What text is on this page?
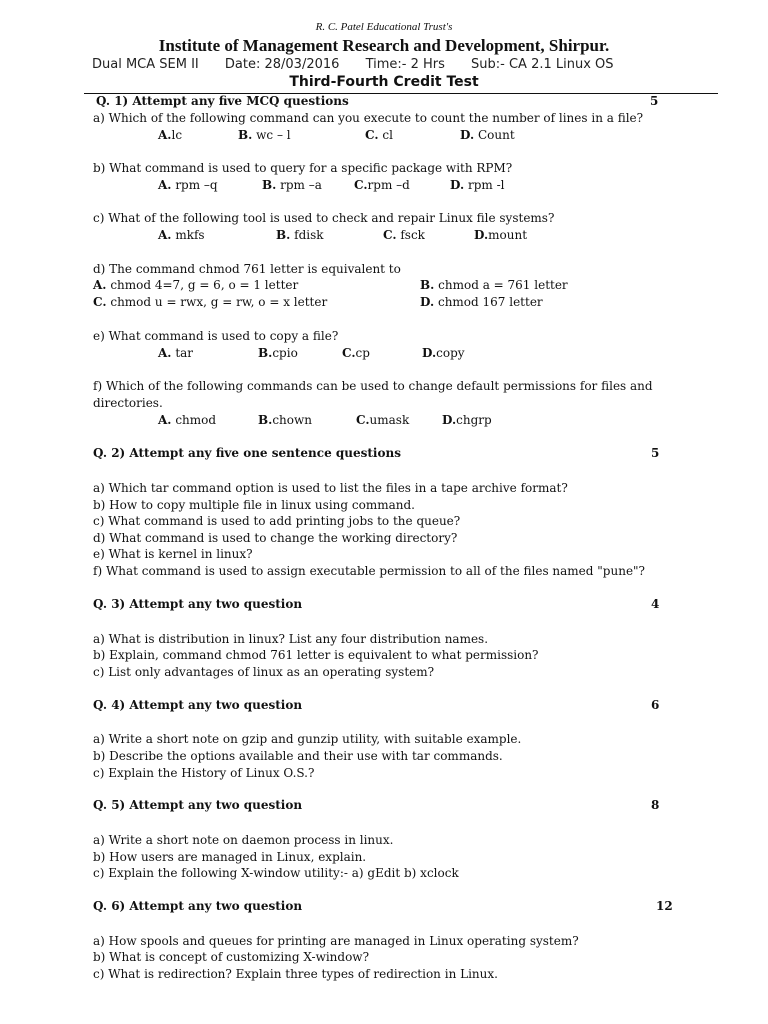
R. C. Patel Educational Trust's
Institute of Management Research and Development, Shirpur.
Dual MCA SEM II Date: 28/03/2016 Time:- 2 Hrs Sub:- CA 2.1 Linux OS
Third-Fourth Credit Test
Q. 1) Attempt any five MCQ questions	5
a) Which of the following command can you execute to count the number of lines in a file?
A.lc	B. wc – l	C. cl	D. Count
b) What command is used to query for a specific package with RPM?
A. rpm –q	B. rpm –a	C.rpm –d	D. rpm -l
c) What of the following tool is used to check and repair Linux file systems?
A. mkfs	B. fdisk	C. fsck	D.mount
d) The command chmod 761 letter is equivalent to
A. chmod 4=7, g = 6, o = 1 letter	B. chmod a = 761 letter
C. chmod u = rwx, g = rw, o = x letter	D. chmod 167 letter
e) What command is used to copy a file?
A. tar	B.cpio	C.cp	D.copy
f) Which of the following commands can be used to change default permissions for files and
directories.
A. chmod	B.chown	C.umask	D.chgrp
Q. 2) Attempt any five one sentence questions	5
a) Which tar command option is used to list the files in a tape archive format?
b) How to copy multiple file in linux using command.
c) What command is used to add printing jobs to the queue?
d) What command is used to change the working directory?
e) What is kernel in linux?
f) What command is used to assign executable permission to all of the files named "pune"?
Q. 3) Attempt any two question	4
a) What is distribution in linux? List any four distribution names.
b) Explain, command chmod 761 letter is equivalent to what permission?
c) List only advantages of linux as an operating system?
Q. 4) Attempt any two question	6
a) Write a short note on gzip and gunzip utility, with suitable example.
b) Describe the options available and their use with tar commands.
c) Explain the History of Linux O.S.?
Q. 5) Attempt any two question	8
a) Write a short note on daemon process in linux.
b) How users are managed in Linux, explain.
c) Explain the following X-window utility:- a) gEdit b) xclock
Q. 6) Attempt any two question	12
a) How spools and queues for printing are managed in Linux operating system?
b) What is concept of customizing X-window?
c) What is redirection? Explain three types of redirection in Linux.
